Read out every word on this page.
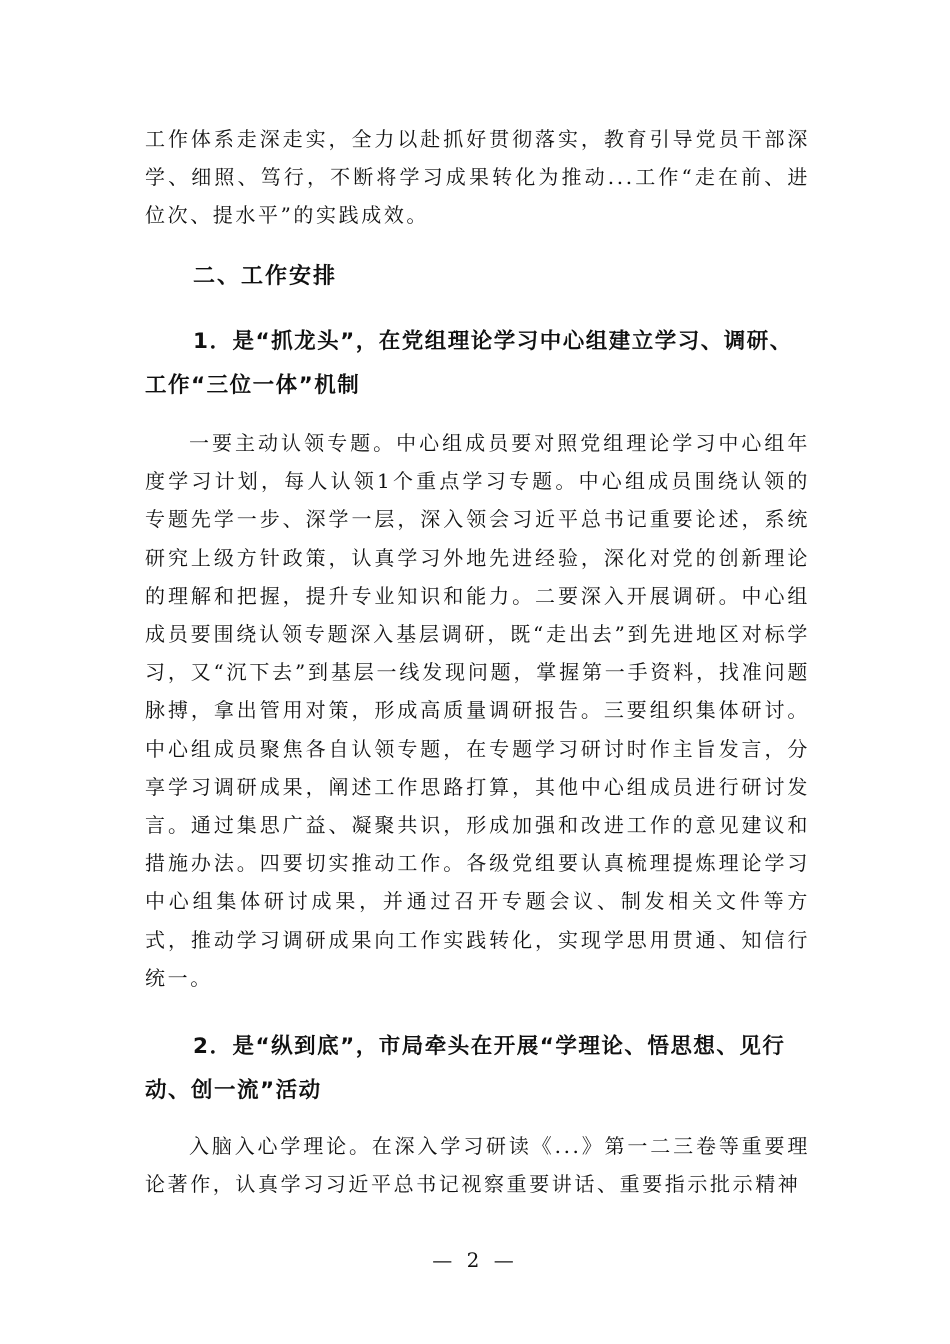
工作体系走深走实，全力以赴抓好贯彻落实，教育引导党员干部深学、细照、笃行，不断将学习成果转化为推动...工作“走在前、进位次、提水平”的实践成效。

二、工作安排
1．是“抓龙头”，在党组理论学习中心组建立学习、调研、工作“三位一体”机制

一要主动认领专题。中心组成员要对照党组理论学习中心组年度学习计划，每人认领1个重点学习专题。中心组成员围绕认领的专题先学一步、深学一层，深入领会习近平总书记重要论述，系统研究上级方针政策，认真学习外地先进经验，深化对党的创新理论的理解和把握，提升专业知识和能力。二要深入开展调研。中心组成员要围绕认领专题深入基层调研，既“走出去”到先进地区对标学习，又“沉下去”到基层一线发现问题，掌握第一手资料，找准问题脉搏，拿出管用对策，形成高质量调研报告。三要组织集体研讨。中心组成员聚焦各自认领专题，在专题学习研讨时作主旨发言，分享学习调研成果，阐述工作思路打算，其他中心组成员进行研讨发言。通过集思广益、凝聚共识，形成加强和改进工作的意见建议和措施办法。四要切实推动工作。各级党组要认真梳理提炼理论学习中心组集体研讨成果，并通过召开专题会议、制发相关文件等方式，推动学习调研成果向工作实践转化，实现学思用贯通、知信行统一。

2．是“纵到底”，市局牵头在开展“学理论、悟思想、见行动、创一流”活动

入脑入心学理论。在深入学习研读《...》第一二三卷等重要理论著作，认真学习习近平总书记视察重要讲话、重要指示批示精神

— 2 —
